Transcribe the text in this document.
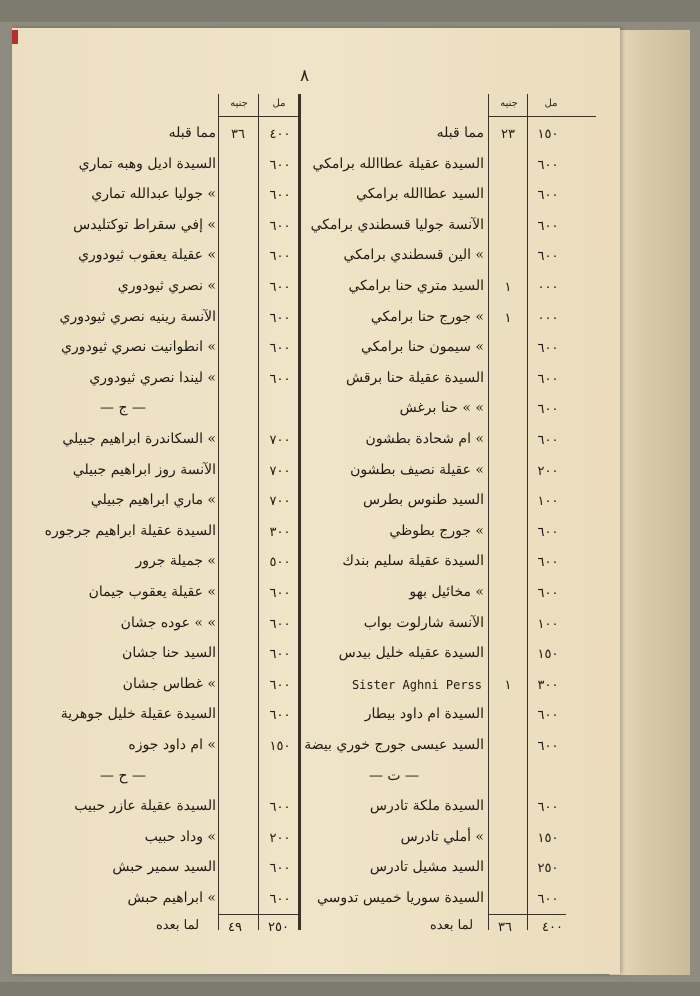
٨
مل
جنيه
مل
جنيه
٤٠٠
٣٦
لما بعده
٢٥٠
٤٩
لما بعده
١٥٠
٢٣
مما قبله
٦٠٠
السيدة عقيلة عطاالله برامكي
٦٠٠
السيد عطاالله برامكي
٦٠٠
الآنسة جوليا قسطندي برامكي
٦٠٠
» الين قسطندي برامكي
٠٠٠
١
السيد متري حنا برامكي
٠٠٠
١
» جورج حنا برامكي
٦٠٠
» سيمون حنا برامكي
٦٠٠
السيدة عقيلة حنا برقش
٦٠٠
» » حنا برغش
٦٠٠
» ام شحادة بطشون
٢٠٠
» عقيلة نصيف بطشون
١٠٠
السيد طنوس بطرس
٦٠٠
» جورج بطوظي
٦٠٠
السيدة عقيلة سليم بندك
٦٠٠
» مخائيل بهو
١٠٠
الآنسة شارلوت بواب
١٥٠
السيدة عقيله خليل بيدس
٣٠٠
١
Sister Aghni Perss
٦٠٠
السيدة ام داود بيطار
٦٠٠
السيد عيسى جورج خوري بيضة
— ت —
٦٠٠
السيدة ملكة تادرس
١٥٠
» أملي تادرس
٢٥٠
السيد مشيل تادرس
٦٠٠
السيدة سوريا خميس تدوسي
٤٠٠
٣٦
مما قبله
٦٠٠
السيدة اديل وهبه تماري
٦٠٠
» جوليا عبدالله تماري
٦٠٠
» إفي سقراط توكتليدس
٦٠٠
» عقيلة يعقوب ثيودوري
٦٠٠
» نصري ثيودوري
٦٠٠
الآنسة رينيه نصري ثيودوري
٦٠٠
» انطوانيت نصري ثيودوري
٦٠٠
» ليندا نصري ثيودوري
— ج —
٧٠٠
» السكاندرة ابراهيم جبيلي
٧٠٠
الآنسة روز ابراهيم جبيلي
٧٠٠
» ماري ابراهيم جبيلي
٣٠٠
السيدة عقيلة ابراهيم جرجوره
٥٠٠
» جميلة جرور
٦٠٠
» عقيلة يعقوب جيمان
٦٠٠
» » عوده جشان
٦٠٠
السيد حنا جشان
٦٠٠
» غطاس جشان
٦٠٠
السيدة عقيلة خليل جوهرية
١٥٠
» ام داود جوزه
— ح —
٦٠٠
السيدة عقيلة عازر حبيب
٢٠٠
» وداد حبيب
٦٠٠
السيد سمير حبش
٦٠٠
» ابراهيم حبش
